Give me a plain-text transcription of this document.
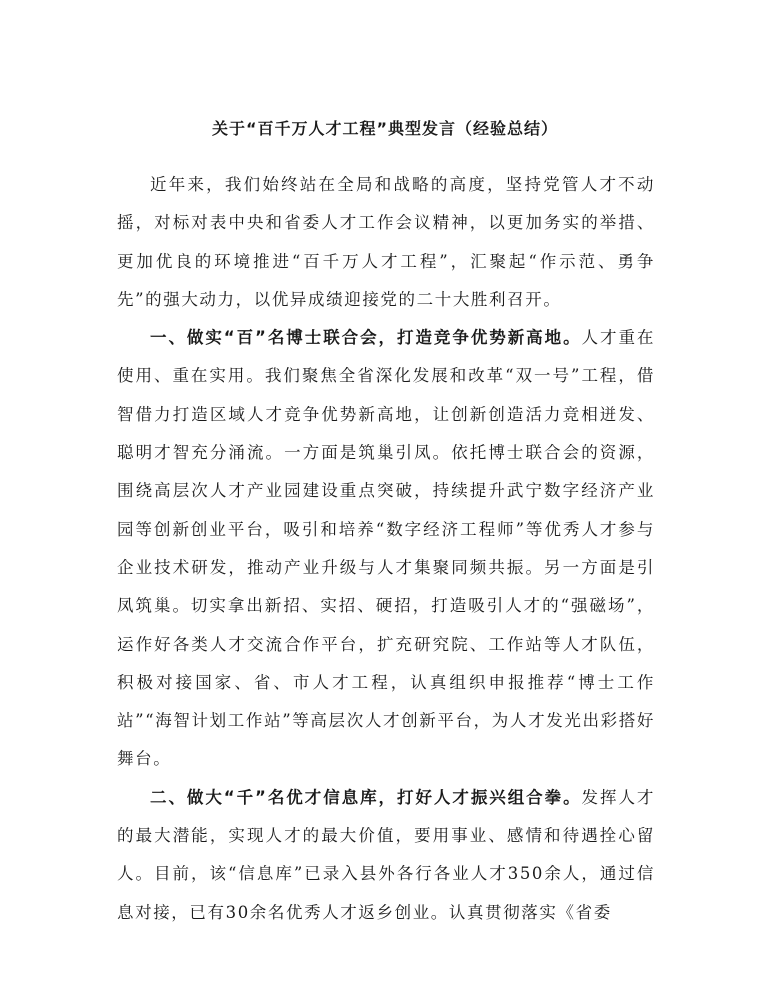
关于“百千万人才工程”典型发言（经验总结）

近年来，我们始终站在全局和战略的高度，坚持党管人才不动摇，对标对表中央和省委人才工作会议精神，以更加务实的举措、更加优良的环境推进“百千万人才工程”，汇聚起“作示范、勇争先”的强大动力，以优异成绩迎接党的二十大胜利召开。

一、做实“百”名博士联合会，打造竞争优势新高地。人才重在使用、重在实用。我们聚焦全省深化发展和改革“双一号”工程，借智借力打造区域人才竞争优势新高地，让创新创造活力竞相迸发、聪明才智充分涌流。一方面是筑巢引凤。依托博士联合会的资源，围绕高层次人才产业园建设重点突破，持续提升武宁数字经济产业园等创新创业平台，吸引和培养“数字经济工程师”等优秀人才参与企业技术研发，推动产业升级与人才集聚同频共振。另一方面是引凤筑巢。切实拿出新招、实招、硬招，打造吸引人才的“强磁场”，运作好各类人才交流合作平台，扩充研究院、工作站等人才队伍，积极对接国家、省、市人才工程，认真组织申报推荐“博士工作站”“海智计划工作站”等高层次人才创新平台，为人才发光出彩搭好舞台。

二、做大“千”名优才信息库，打好人才振兴组合拳。发挥人才的最大潜能，实现人才的最大价值，要用事业、感情和待遇拴心留人。目前，该“信息库”已录入县外各行各业人才350余人，通过信息对接，已有30余名优秀人才返乡创业。认真贯彻落实《省委
